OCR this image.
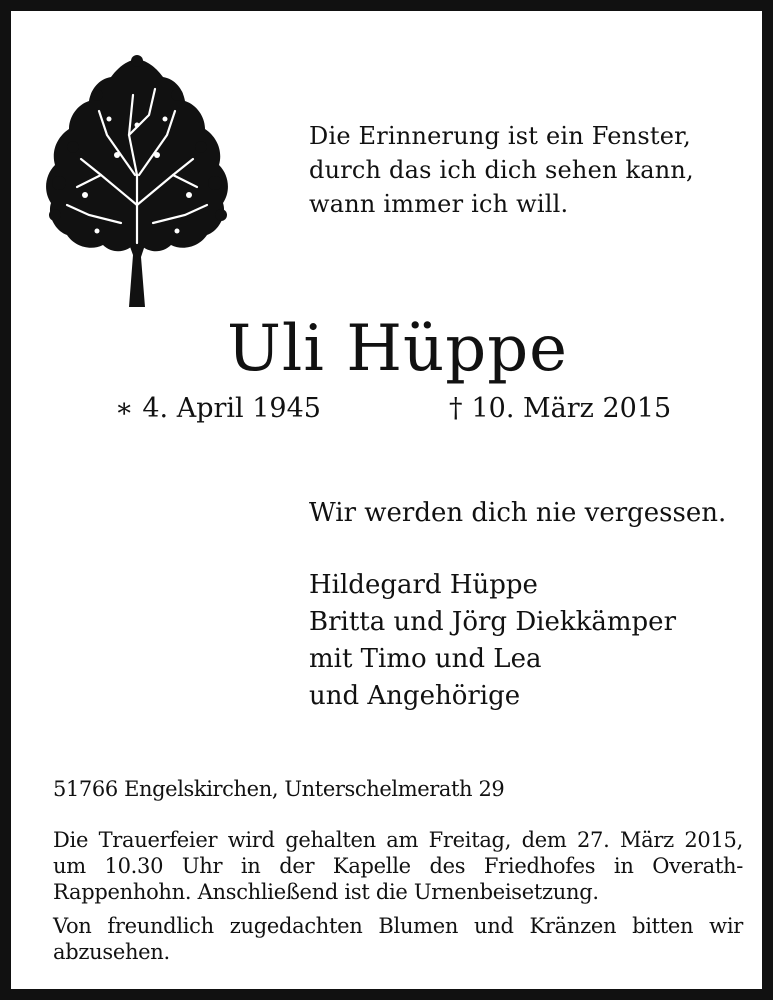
Die Erinnerung ist ein Fenster,
durch das ich dich sehen kann,
wann immer ich will.
Uli Hüppe
∗ 4. April 1945	† 10. März 2015
Wir werden dich nie vergessen.
Hildegard Hüppe
Britta und Jörg Diekkämper
mit Timo und Lea
und Angehörige
51766 Engelskirchen, Unterschelmerath 29
Die Trauerfeier wird gehalten am Freitag, dem 27. März 2015, um 10.30 Uhr in der Kapelle des Friedhofes in Overath-Rappenhohn. Anschließend ist die Urnenbeisetzung.
Von freundlich zugedachten Blumen und Kränzen bitten wir abzusehen.
